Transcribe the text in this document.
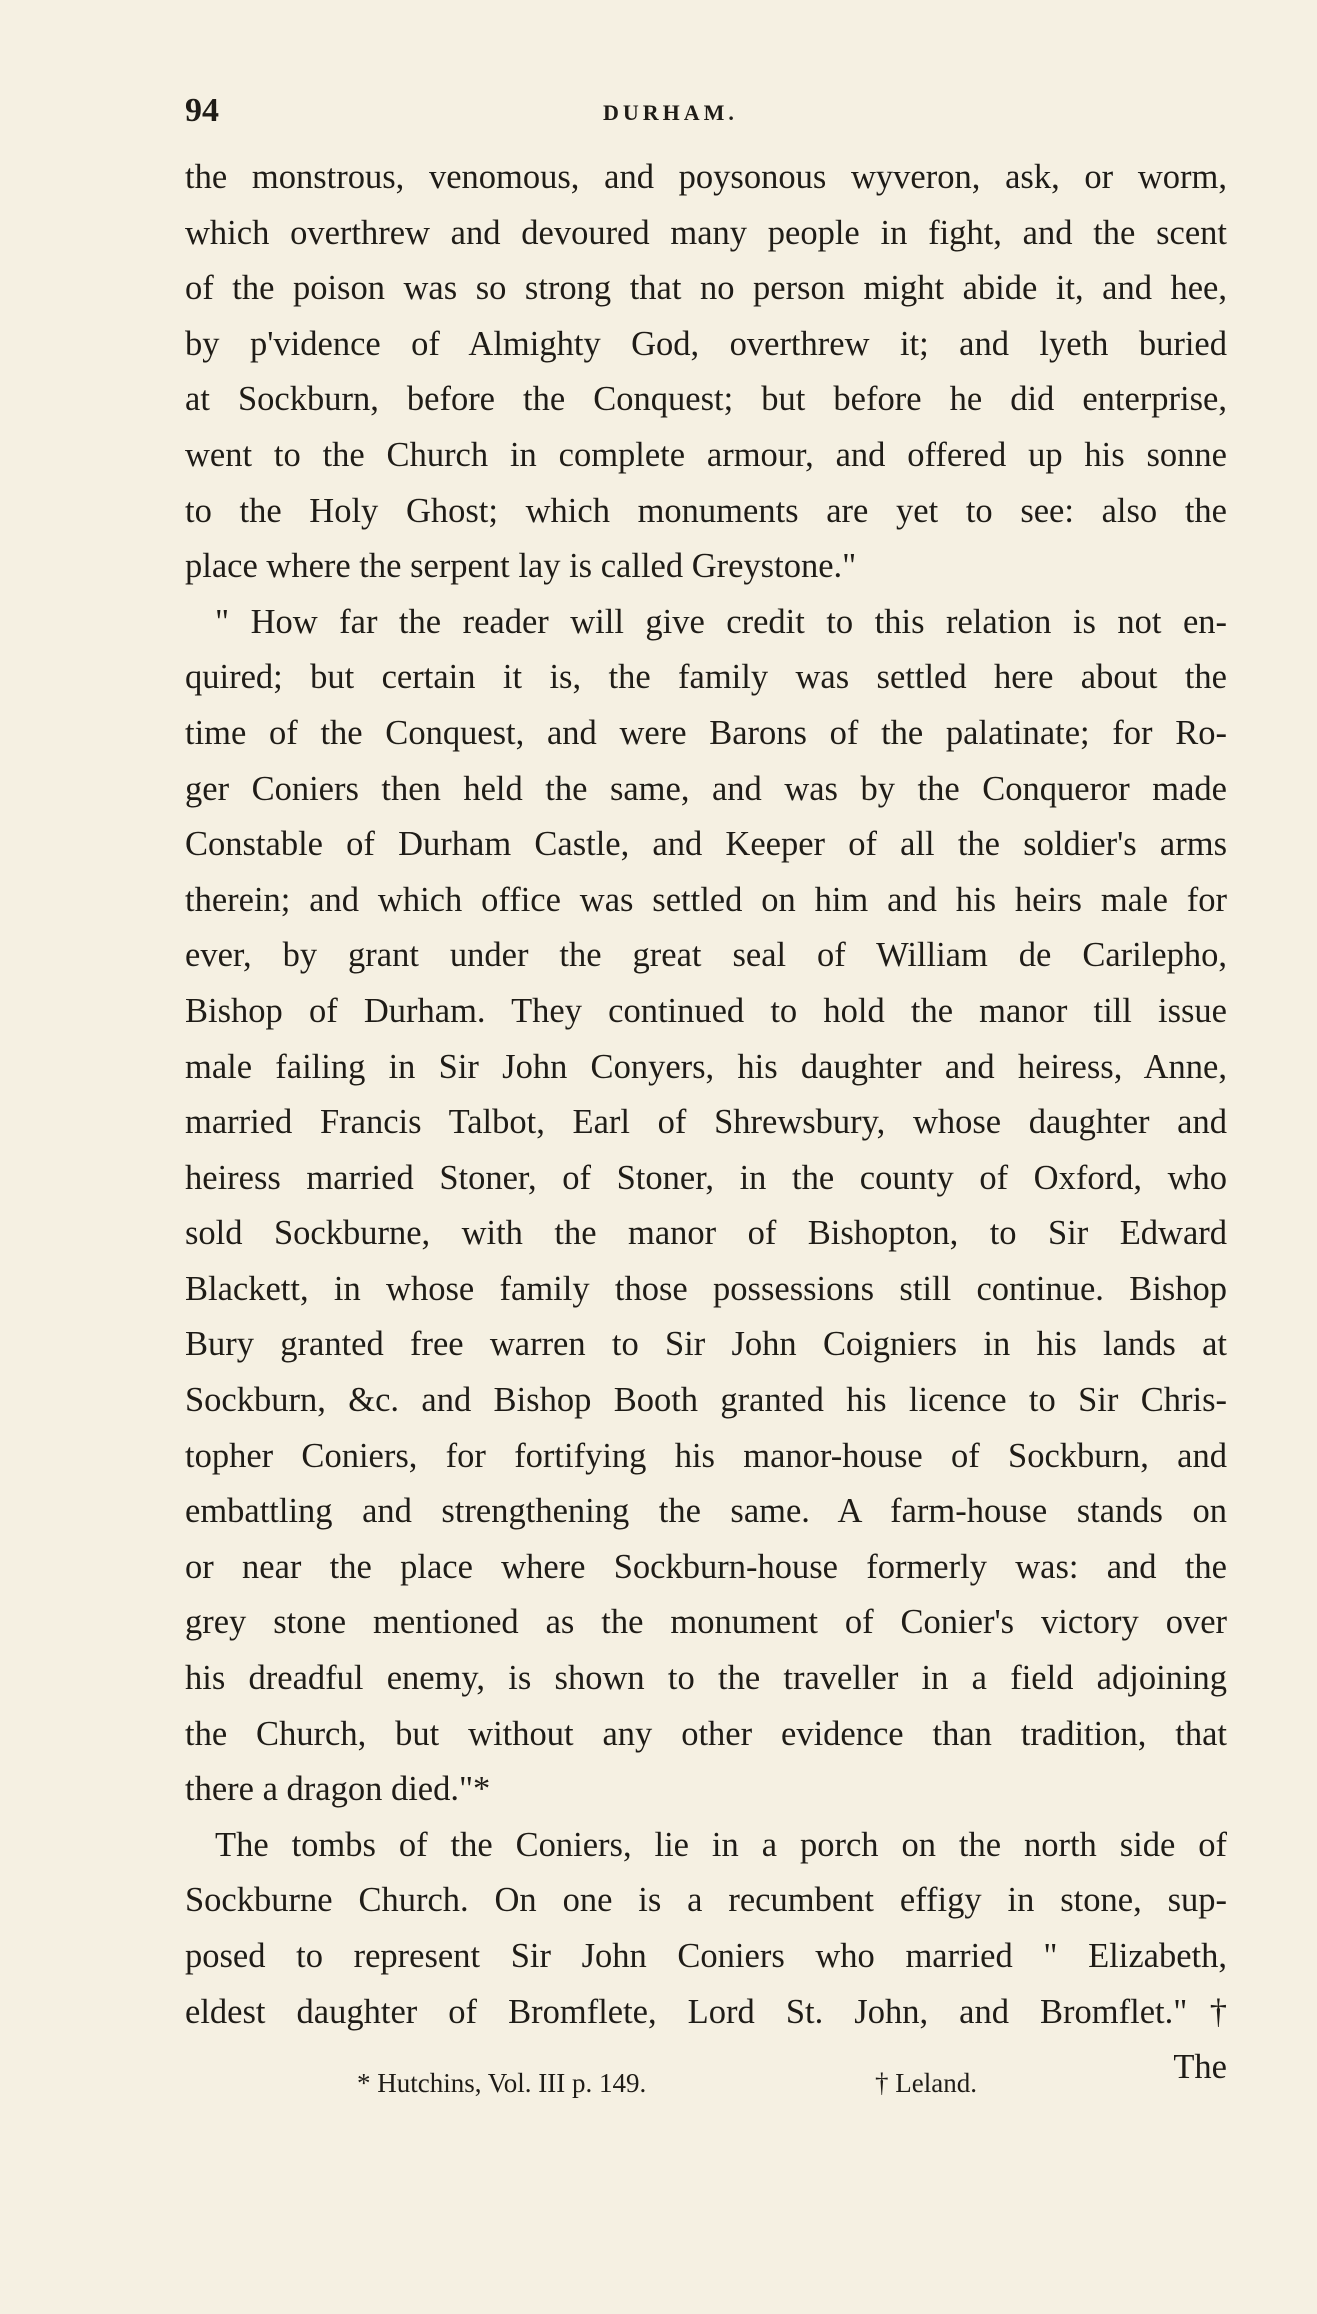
94	DURHAM.
the monstrous, venomous, and poysonous wyveron, ask, or worm,
which overthrew and devoured many people in fight, and the scent
of the poison was so strong that no person might abide it, and hee,
by p'vidence of Almighty God, overthrew it; and lyeth buried
at Sockburn, before the Conquest; but before he did enterprise,
went to the Church in complete armour, and offered up his sonne
to the Holy Ghost; which monuments are yet to see: also the
place where the serpent lay is called Greystone."
" How far the reader will give credit to this relation is not en-
quired; but certain it is, the family was settled here about the
time of the Conquest, and were Barons of the palatinate; for Ro-
ger Coniers then held the same, and was by the Conqueror made
Constable of Durham Castle, and Keeper of all the soldier's arms
therein; and which office was settled on him and his heirs male for
ever, by grant under the great seal of William de Carilepho,
Bishop of Durham. They continued to hold the manor till issue
male failing in Sir John Conyers, his daughter and heiress, Anne,
married Francis Talbot, Earl of Shrewsbury, whose daughter and
heiress married Stoner, of Stoner, in the county of Oxford, who
sold Sockburne, with the manor of Bishopton, to Sir Edward
Blackett, in whose family those possessions still continue. Bishop
Bury granted free warren to Sir John Coigniers in his lands at
Sockburn, &c. and Bishop Booth granted his licence to Sir Chris-
topher Coniers, for fortifying his manor-house of Sockburn, and
embattling and strengthening the same. A farm-house stands on
or near the place where Sockburn-house formerly was: and the
grey stone mentioned as the monument of Conier's victory over
his dreadful enemy, is shown to the traveller in a field adjoining
the Church, but without any other evidence than tradition, that
there a dragon died."*
The tombs of the Coniers, lie in a porch on the north side of
Sockburne Church. On one is a recumbent effigy in stone, sup-
posed to represent Sir John Coniers who married " Elizabeth,
eldest daughter of Bromflete, Lord St. John, and Bromflet."†
The
* Hutchins, Vol. III p. 149.	† Leland.
